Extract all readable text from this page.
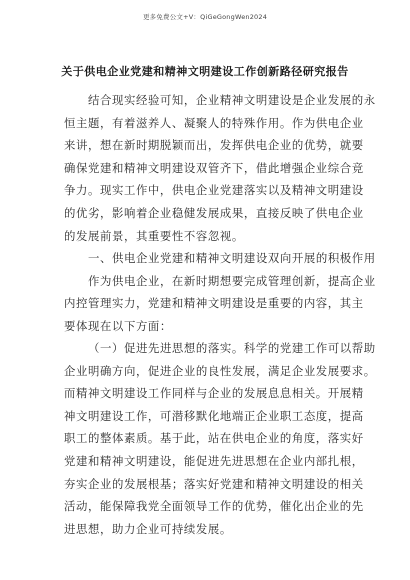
更多免费公文+V：QiGeGongWen2024
关于供电企业党建和精神文明建设工作创新路径研究报告
结合现实经验可知，企业精神文明建设是企业发展的永
恒主题，有着滋养人、凝聚人的特殊作用。作为供电企业
来讲，想在新时期脱颖而出，发挥供电企业的优势，就要
确保党建和精神文明建设双管齐下，借此增强企业综合竞
争力。现实工作中，供电企业党建落实以及精神文明建设
的优劣，影响着企业稳健发展成果，直接反映了供电企业
的发展前景，其重要性不容忽视。
一、供电企业党建和精神文明建设双向开展的积极作用
作为供电企业，在新时期想要完成管理创新，提高企业
内控管理实力，党建和精神文明建设是重要的内容，其主
要体现在以下方面：
（一）促进先进思想的落实。科学的党建工作可以帮助
企业明确方向，促进企业的良性发展，满足企业发展要求。
而精神文明建设工作同样与企业的发展息息相关。开展精
神文明建设工作，可潜移默化地端正企业职工态度，提高
职工的整体素质。基于此，站在供电企业的角度，落实好
党建和精神文明建设，能促进先进思想在企业内部扎根，
夯实企业的发展根基；落实好党建和精神文明建设的相关
活动，能保障我党全面领导工作的优势，催化出企业的先
进思想，助力企业可持续发展。
